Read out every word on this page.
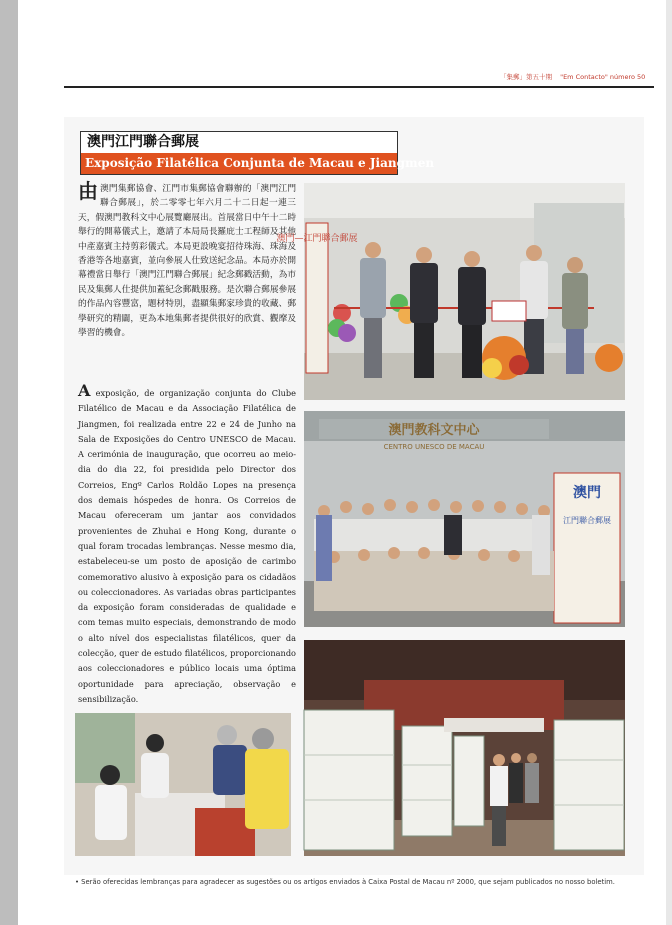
「集郵」第五十期 "Em Contacto" número 50
澳門江門聯合郵展
Exposição Filatélica Conjunta de Macau e Jiangmen
由澳門集郵協會、江門市集郵協會聯辦的「澳門江門聯合郵展」，於二零零七年六月二十二日起一連三天，假澳門教科文中心展覽廳展出。首展當日中午十二時舉行的開幕儀式上，邀請了本局局長羅庇士工程師及其他中產嘉賓主持剪彩儀式。本局更設晚宴招待珠海、珠海及香港等各地嘉賓，並向參展人仕致送紀念品。本局亦於開幕禮當日舉行「澳門江門聯合郵展」紀念郵戳活動，為市民及集郵人仕提供加蓋紀念郵戳服務。是次聯合郵展參展的作品內容豐富，題材特別，盡顯集郵家珍貴的收藏、郵學研究的精闢，更為本地集郵者提供很好的欣賞、觀摩及學習的機會。
A exposição, de organização conjunta do Clube Filatélico de Macau e da Associação Filatélica de Jiangmen, foi realizada entre 22 e 24 de Junho na Sala de Exposições do Centro UNESCO de Macau. A cerimónia de inauguração, que ocorreu ao meio-dia do dia 22, foi presidida pelo Director dos Correios, Engº Carlos Roldão Lopes na presença dos demais hóspedes de honra. Os Correios de Macau ofereceram um jantar aos convidados provenientes de Zhuhai e Hong Kong, durante o qual foram trocadas lembranças. Nesse mesmo dia, estabeleceu-se um posto de aposição de carimbo comemorativo alusivo à exposição para os cidadãos ou coleccionadores. As variadas obras participantes da exposição foram consideradas de qualidade e com temas muito especiais, demonstrando de modo o alto nível dos especialistas filatélicos, quer da colecção, quer de estudo filatélicos, proporcionando aos coleccionadores e público locais uma óptima oportunidade para apreciação, observação e sensibilização.
澳門—江門聯合郵展
澳門教科文中心
CENTRO UNESCO DE MACAU
澳門
江門聯合郵展
• Serão oferecidas lembranças para agradecer as sugestões ou os artigos enviados à Caixa Postal de Macau nº 2000, que sejam publicados no nosso boletim.
